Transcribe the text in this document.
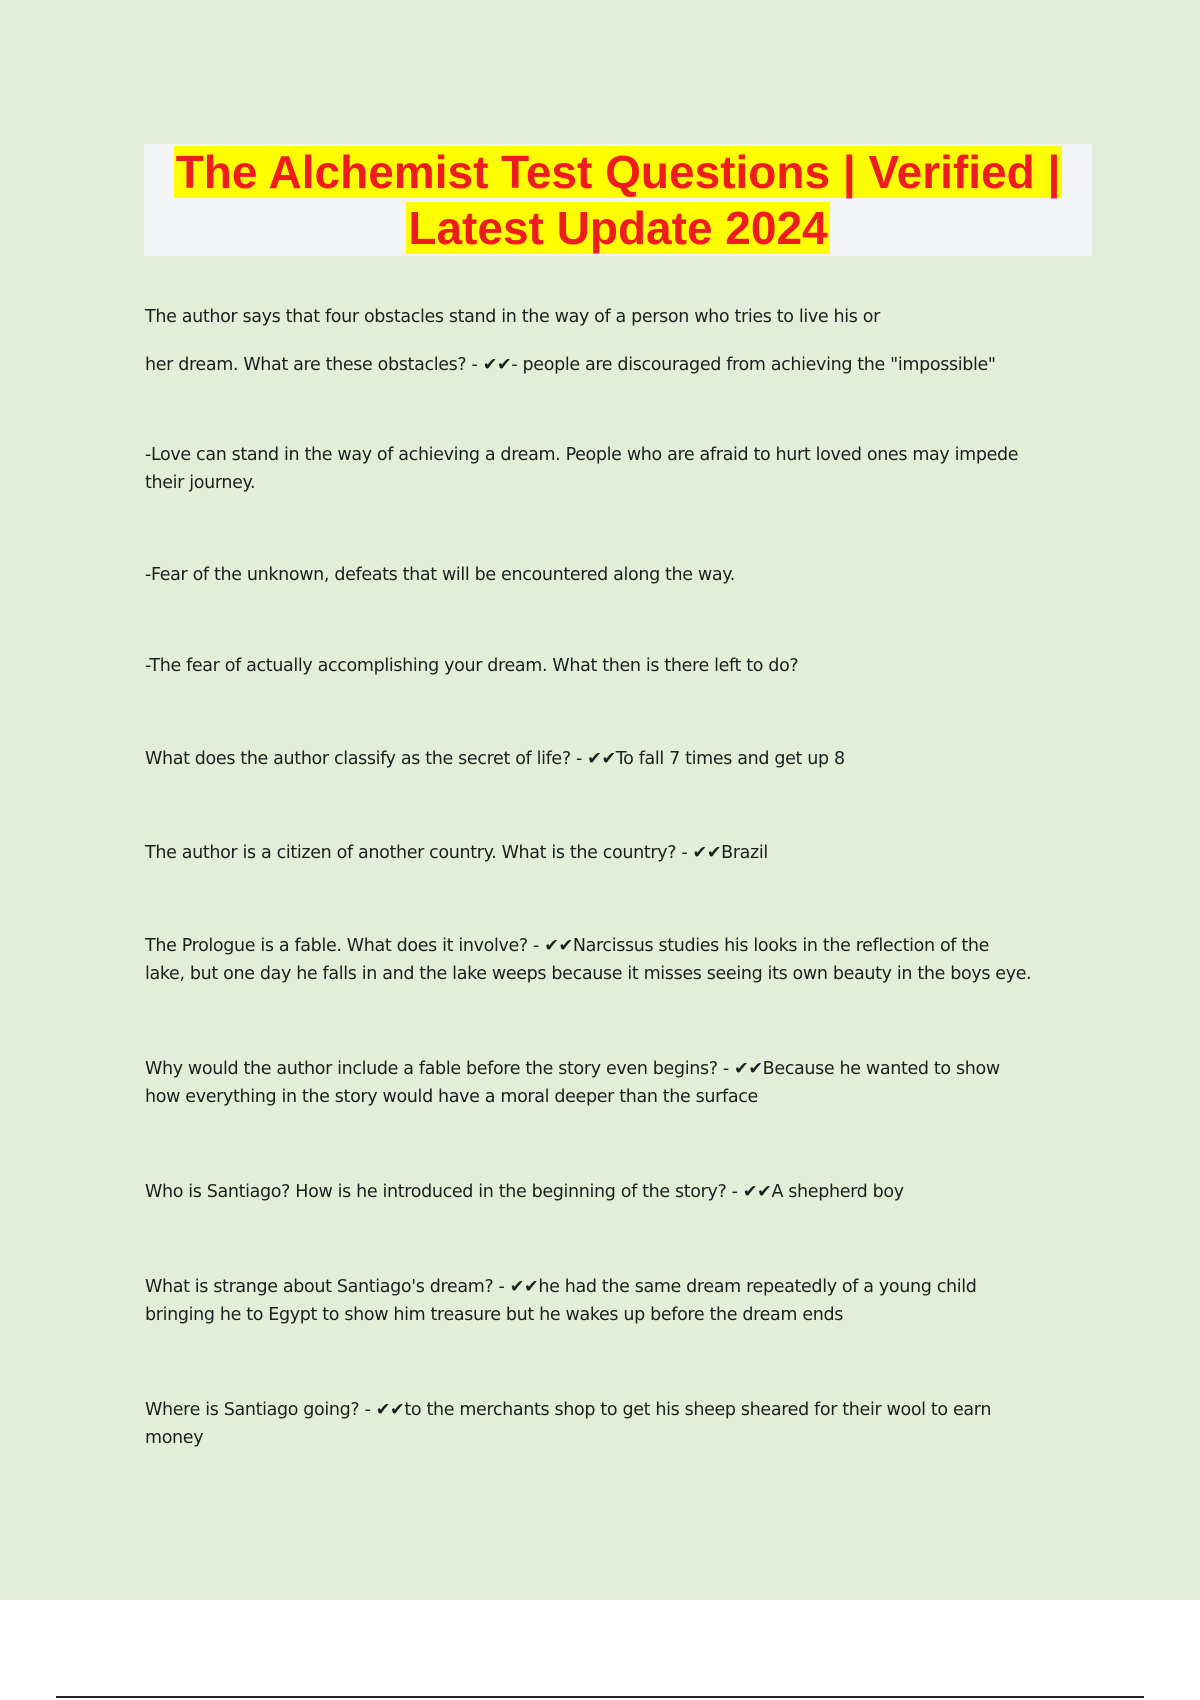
The Alchemist Test Questions | Verified |
Latest Update 2024

The author says that four obstacles stand in the way of a person who tries to live his or

her dream. What are these obstacles? - ✔✔- people are discouraged from achieving the "impossible"

-Love can stand in the way of achieving a dream. People who are afraid to hurt loved ones may impede
their journey.

-Fear of the unknown, defeats that will be encountered along the way.

-The fear of actually accomplishing your dream. What then is there left to do?

What does the author classify as the secret of life? - ✔✔To fall 7 times and get up 8

The author is a citizen of another country. What is the country? - ✔✔Brazil

The Prologue is a fable. What does it involve? - ✔✔Narcissus studies his looks in the reflection of the
lake, but one day he falls in and the lake weeps because it misses seeing its own beauty in the boys eye.

Why would the author include a fable before the story even begins? - ✔✔Because he wanted to show
how everything in the story would have a moral deeper than the surface

Who is Santiago? How is he introduced in the beginning of the story? - ✔✔A shepherd boy

What is strange about Santiago's dream? - ✔✔he had the same dream repeatedly of a young child
bringing he to Egypt to show him treasure but he wakes up before the dream ends

Where is Santiago going? - ✔✔to the merchants shop to get his sheep sheared for their wool to earn
money
